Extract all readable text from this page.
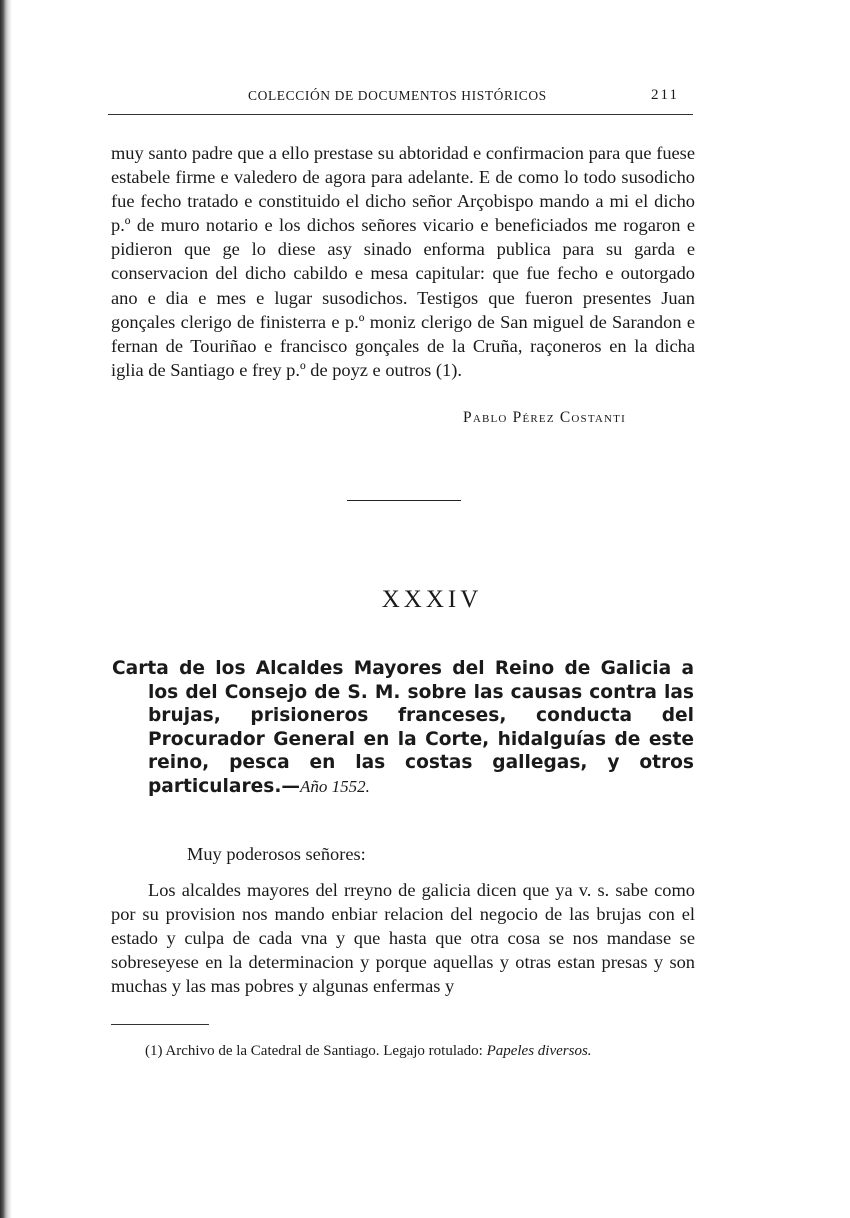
COLECCIÓN DE DOCUMENTOS HISTÓRICOS	211

muy santo padre que a ello prestase su abtoridad e confirmacion para que fuese estabele firme e valedero de agora para adelante. E de como lo todo susodicho fue fecho tratado e constituido el dicho señor Arçobispo mando a mi el dicho p.º de muro notario e los dichos señores vicario e beneficiados me rogaron e pidieron que ge lo diese asy sinado enforma publica para su garda e conservacion del dicho cabildo e mesa capitular: que fue fecho e outorgado ano e dia e mes e lugar susodichos. Testigos que fueron presentes Juan gonçales clerigo de finisterra e p.º moniz clerigo de San miguel de Sarandon e fernan de Touriñao e francisco gonçales de la Cruña, raçoneros en la dicha iglia de Santiago e frey p.º de poyz e outros (1).

Pablo Pérez Costanti
XXXIV

Carta de los Alcaldes Mayores del Reino de Galicia a los del Consejo de S. M. sobre las causas contra las brujas, prisioneros franceses, conducta del Procurador General en la Corte, hidalguías de este reino, pesca en las costas gallegas, y otros particulares.—Año 1552.

Muy poderosos señores:

Los alcaldes mayores del rreyno de galicia dicen que ya v. s. sabe como por su provision nos mando enbiar relacion del negocio de las brujas con el estado y culpa de cada vna y que hasta que otra cosa se nos mandase se sobreseyese en la determinacion y porque aquellas y otras estan presas y son muchas y las mas pobres y algunas enfermas y

(1) Archivo de la Catedral de Santiago. Legajo rotulado: Papeles diversos.
